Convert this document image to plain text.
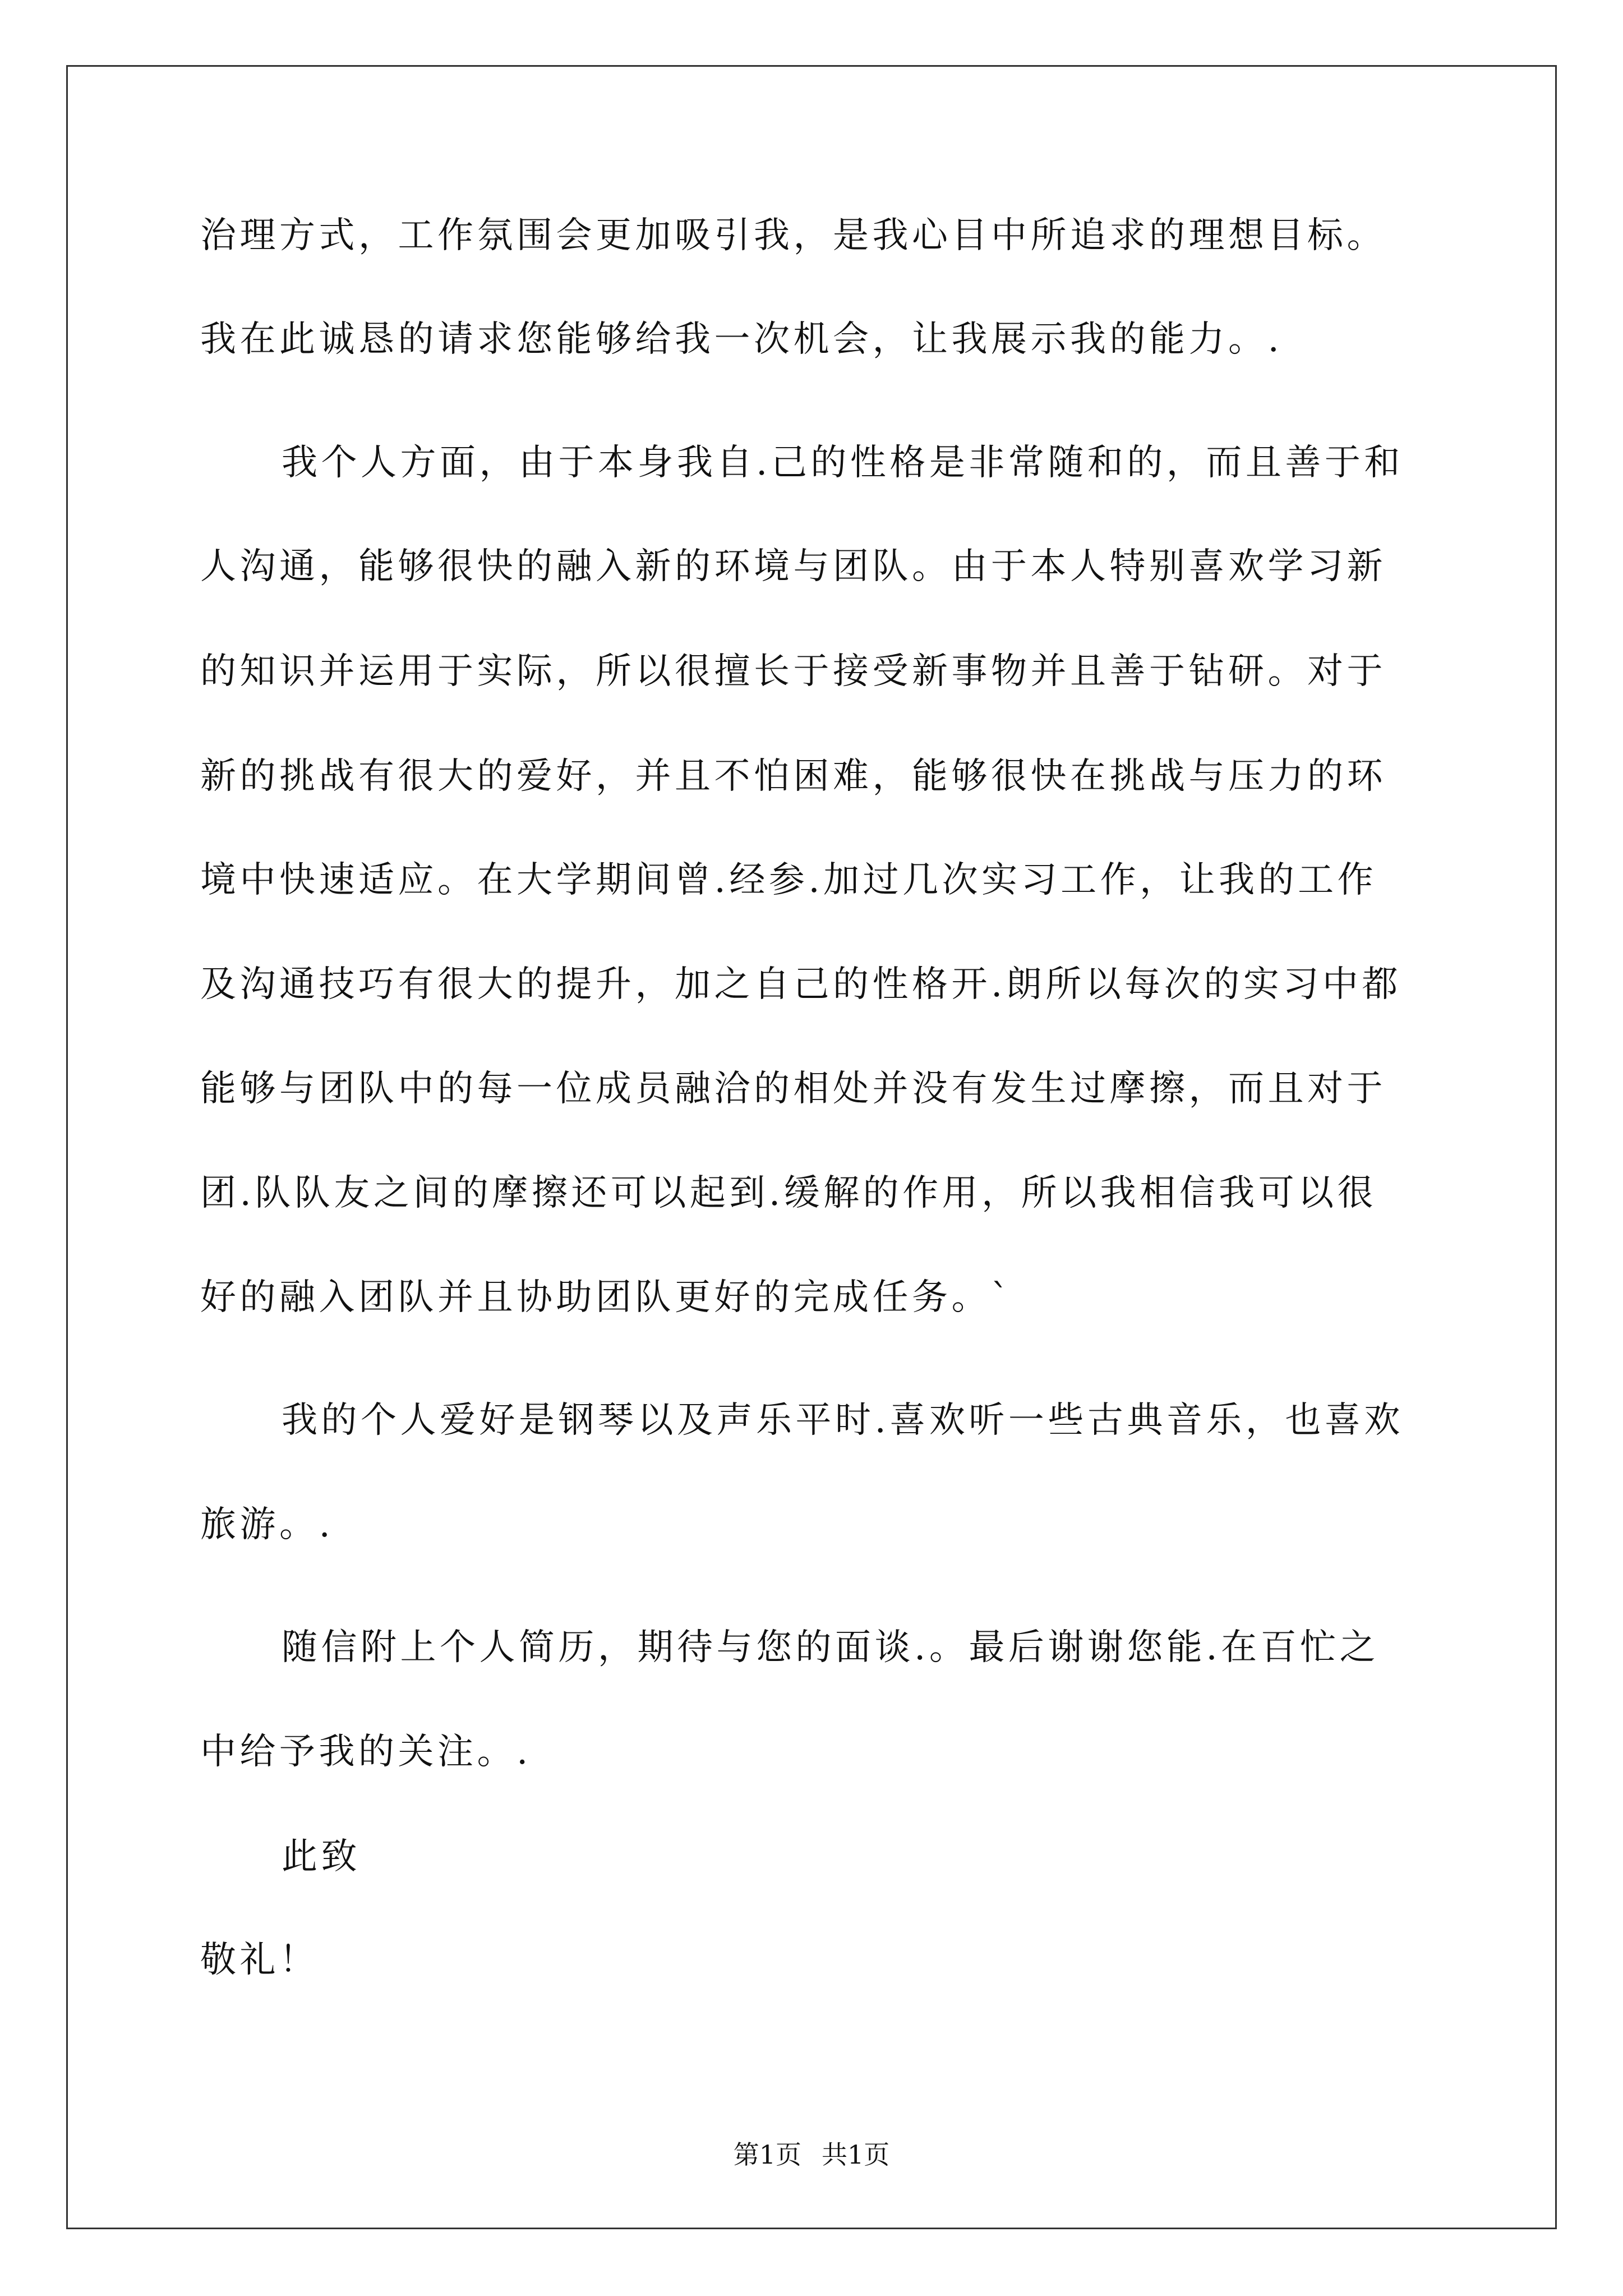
治理方式，工作氛围会更加吸引我，是我心目中所追求的理想目标。
我在此诚恳的请求您能够给我一次机会，让我展示我的能力。.
我个人方面，由于本身我自.己的性格是非常随和的，而且善于和
人沟通，能够很快的融入新的环境与团队。由于本人特别喜欢学习新
的知识并运用于实际，所以很擅长于接受新事物并且善于钻研。对于
新的挑战有很大的爱好，并且不怕困难，能够很快在挑战与压力的环
境中快速适应。在大学期间曾.经参.加过几次实习工作，让我的工作
及沟通技巧有很大的提升，加之自己的性格开.朗所以每次的实习中都
能够与团队中的每一位成员融洽的相处并没有发生过摩擦，而且对于
团.队队友之间的摩擦还可以起到.缓解的作用，所以我相信我可以很
好的融入团队并且协助团队更好的完成任务。`
我的个人爱好是钢琴以及声乐平时.喜欢听一些古典音乐，也喜欢
旅游。.
随信附上个人简历，期待与您的面谈.。最后谢谢您能.在百忙之
中给予我的关注。.
此致
敬礼！
第1页 共1页
